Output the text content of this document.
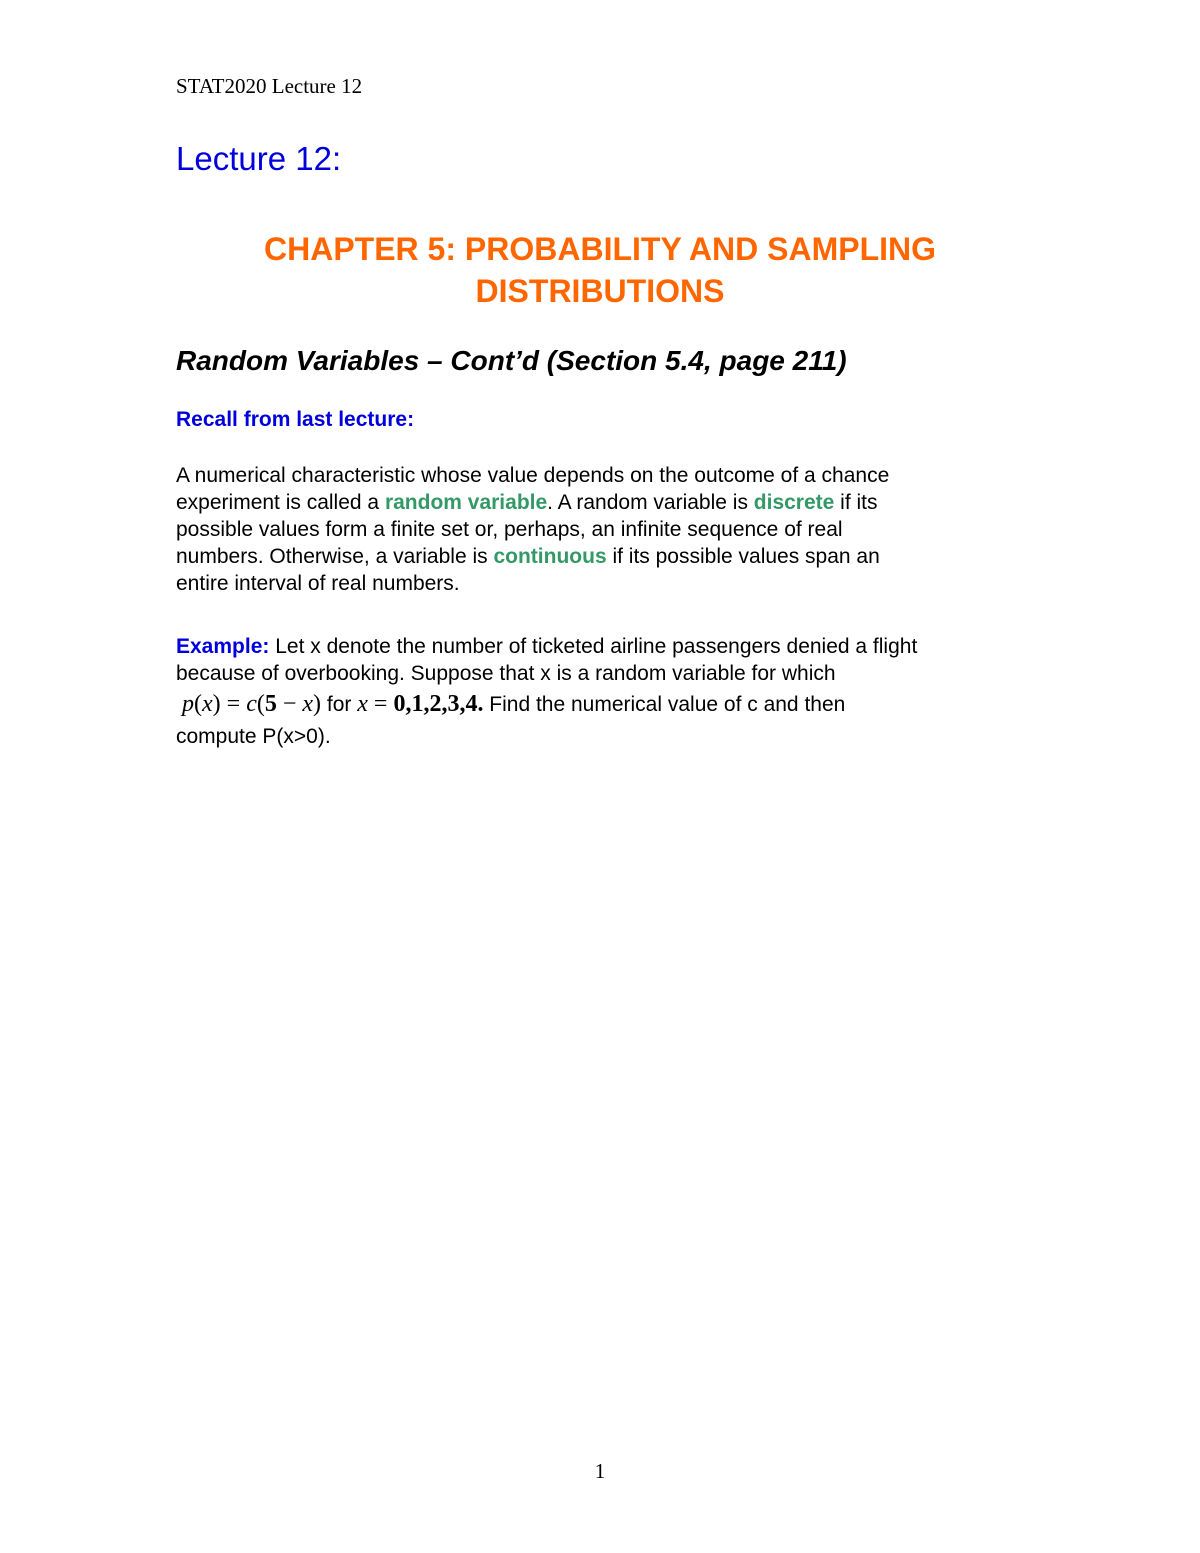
STAT2020 Lecture 12
Lecture 12:
CHAPTER 5: PROBABILITY AND SAMPLING
DISTRIBUTIONS
Random Variables – Cont’d (Section 5.4, page 211)
Recall from last lecture:
A numerical characteristic whose value depends on the outcome of a chance
experiment is called a random variable. A random variable is discrete if its
possible values form a finite set or, perhaps, an infinite sequence of real
numbers. Otherwise, a variable is continuous if its possible values span an
entire interval of real numbers.
Example: Let x denote the number of ticketed airline passengers denied a flight
because of overbooking. Suppose that x is a random variable for which
p(x) = c(5 − x) for x = 0,1,2,3,4. Find the numerical value of c and then
compute P(x>0).
1
